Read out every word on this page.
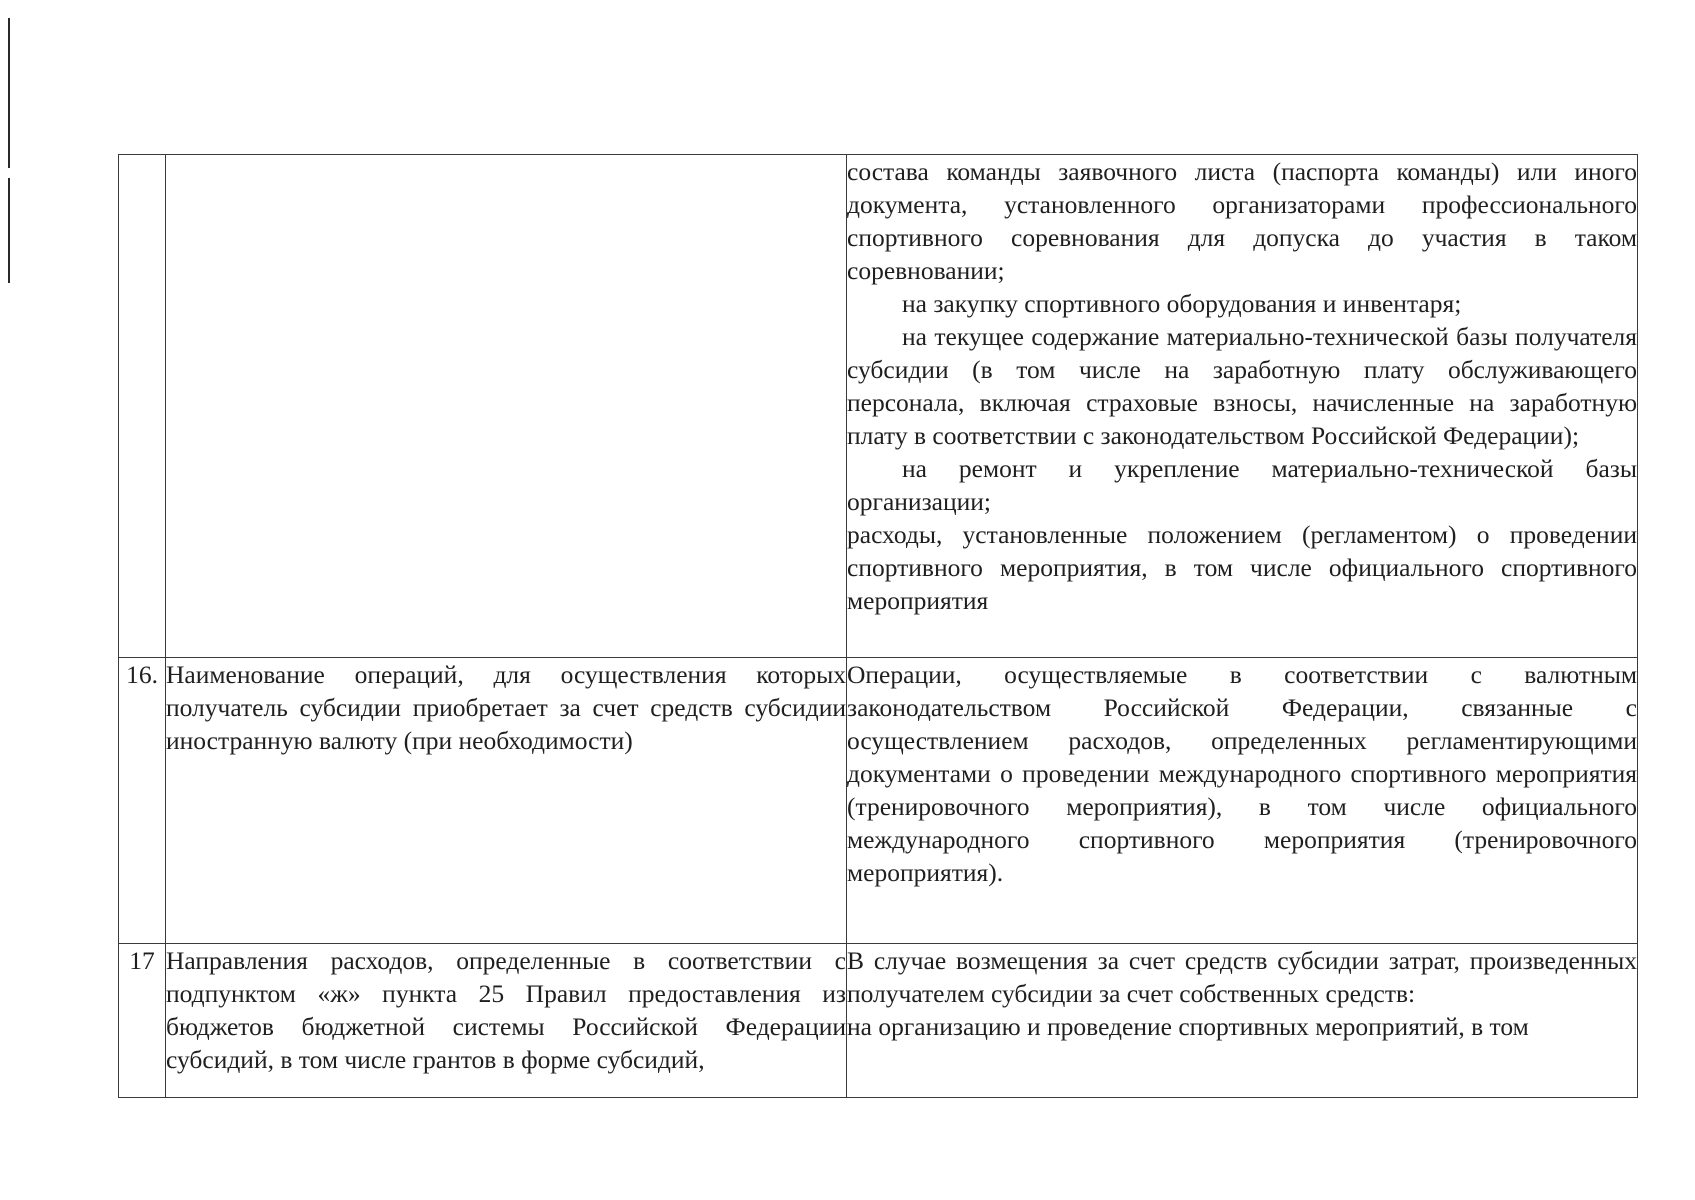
		состава команды заявочного листа (паспорта команды) или иного документа, установленного организаторами профессионального спортивного соревнования для допуска до участия в таком соревновании;

на закупку спортивного оборудования и инвентаря;

на текущее содержание материально-технической базы получателя субсидии (в том числе на заработную плату обслуживающего персонала, включая страховые взносы, начисленные на заработную плату в соответствии с законодательством Российской Федерации);

на ремонт и укрепление материально-технической базы организации;

расходы, установленные положением (регламентом) о проведении спортивного мероприятия, в том числе официального спортивного мероприятия

16.	Наименование операций, для осуществления которых получатель субсидии приобретает за счет средств субсидии иностранную валюту (при необходимости)	Операции, осуществляемые в соответствии с валютным законодательством Российской Федерации, связанные с осуществлением расходов, определенных регламентирующими документами о проведении международного спортивного мероприятия (тренировочного мероприятия), в том числе официального международного спортивного мероприятия (тренировочного мероприятия).

17	Направления расходов, определенные в соответствии с подпунктом «ж» пункта 25 Правил предоставления из бюджетов бюджетной системы Российской Федерации субсидий, в том числе грантов в форме субсидий,	В случае возмещения за счет средств субсидии затрат, произведенных получателем субсидии за счет собственных средств:

на организацию и проведение спортивных мероприятий, в том
